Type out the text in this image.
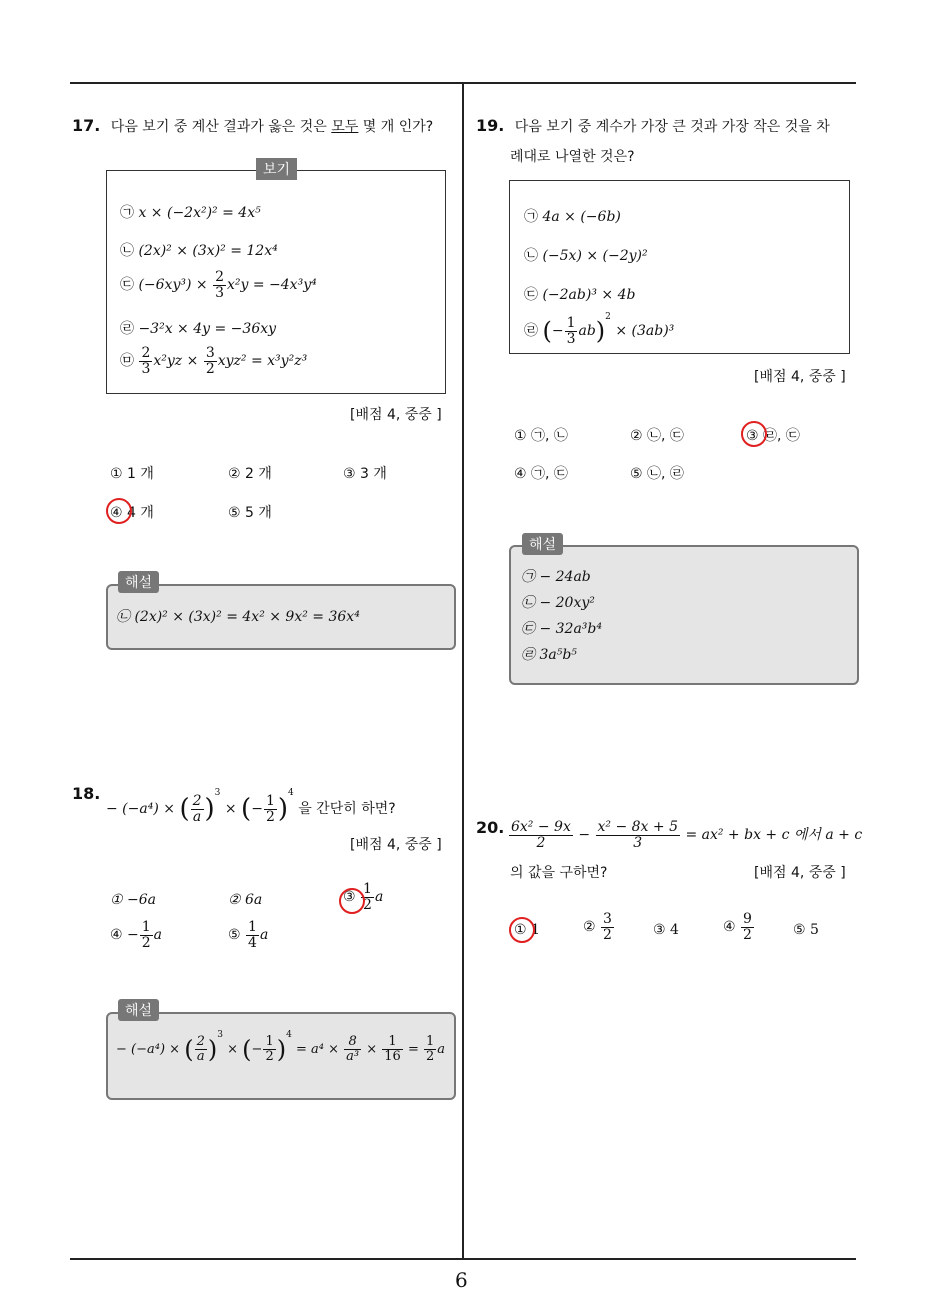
6
17. 다음 보기 중 계산 결과가 옳은 것은 모두 몇 개 인가?
보기
㉠ x × (−2x²)² = 4x⁵
㉡ (2x)² × (3x)² = 12x⁴
㉢ $(-6xy^3) \times \frac{2}{3} x^2y = -4x^3y^4$
㉣ −3²x × 4y = −36xy
㉤ $\frac{2}{3} x^2yz \times \frac{3}{2} xyz^2 = x^3y^2z^3$
[배점 4, 중중 ]
① 1 개	② 2 개	③ 3 개
④ 4 개	⑤ 5 개
해설
㉡ (2x)² × (3x)² = 4x² × 9x² = 36x⁴
18.
− (−a⁴) × ( $\frac{2}{a} )^3$ × (− $\frac{1}{2} )^4$ 을 간단히 하면?
[배점 4, 중중 ]
① −6a	② 6a	③ $\frac{1}{2}$ a
④ − $\frac{1}{2}$ a	⑤ $\frac{1}{4}$ a
해설
− (−a⁴) × ( $\frac{2}{a} )^3$ × (− $\frac{1}{2} )^4 = a^4 \times \frac{8}{\text{a³}} \times \frac{1}{16} = \frac{1}{2}$ a
19. 다음 보기 중 계수가 가장 큰 것과 가장 작은 것을 차
례대로 나열한 것은?
㉠ 4a × (−6b)
㉡ (−5x) × (−2y)²
㉢ (−2ab)³ × 4b
㉣ (− $\frac{1}{3} ab)^2 \times (3ab)^3$
[배점 4, 중중 ]
① ㉠, ㉡	② ㉡, ㉢	③ ㉣, ㉢
④ ㉠, ㉢	⑤ ㉡, ㉣
해설
㉠ − 24ab
㉡ − 20xy²
㉢ − 32a³b⁴
㉣ 3a⁵b⁵
20. $\frac{\text{6x² − 9x}}{2} - \frac{\text{x² − 8x + 5}}{3} = ax^2$ + bx + c 에서 a + c
의 값을 구하면?	[배점 4, 중중 ]
① 1	② $\frac{3}{2}$	③ 4	④ $\frac{9}{2}$	⑤ 5
